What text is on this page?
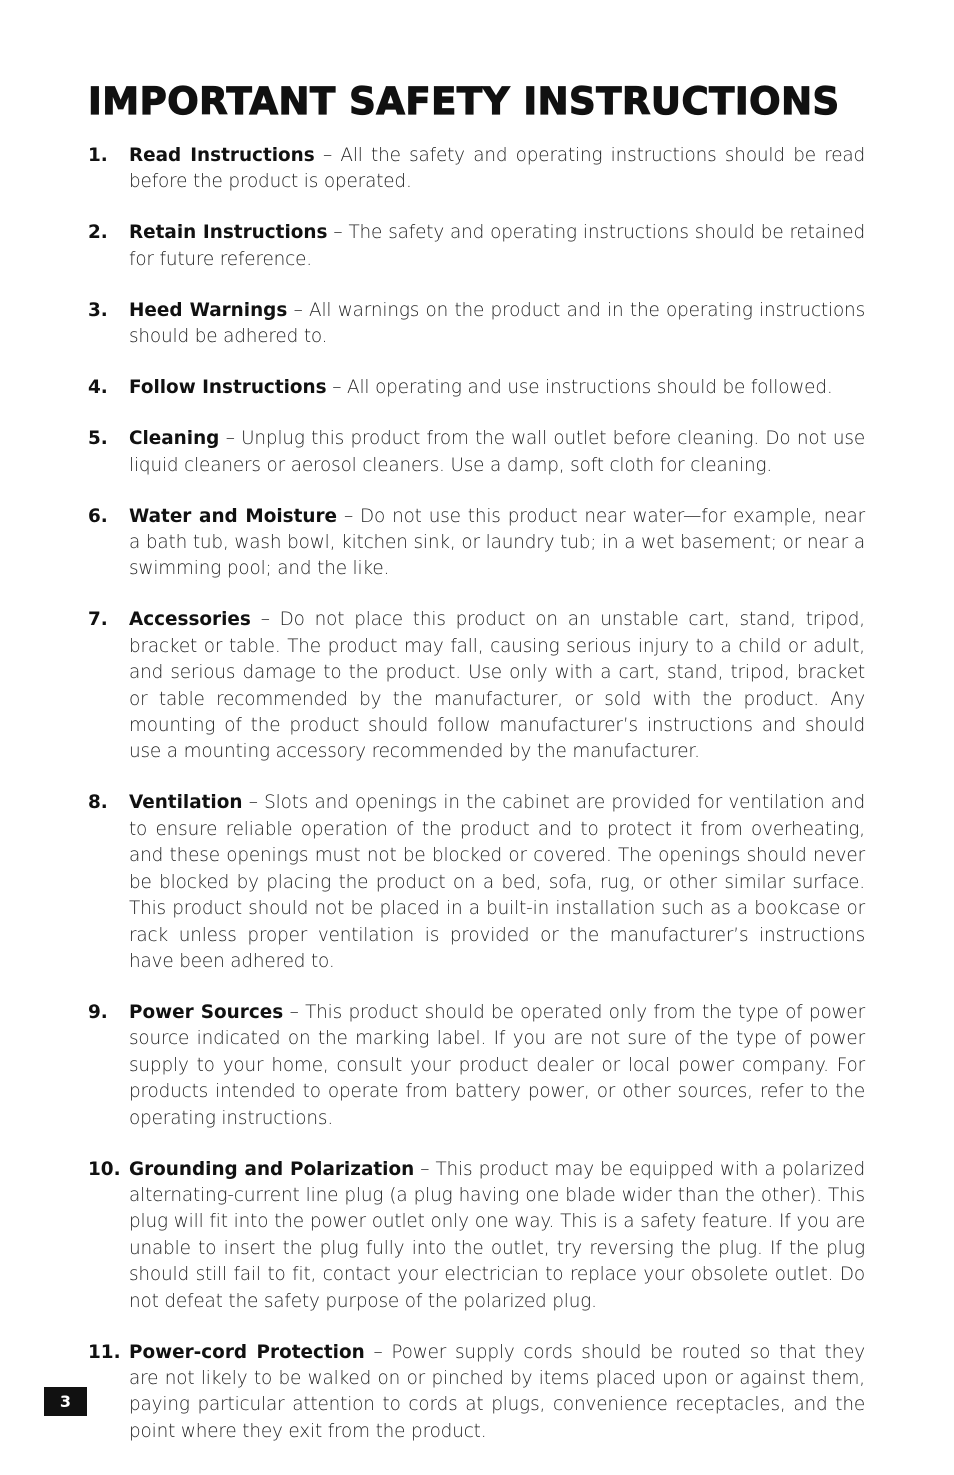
IMPORTANT SAFETY INSTRUCTIONS
1. Read Instructions – All the safety and operating instructions should be read before the product is operated.
2. Retain Instructions – The safety and operating instructions should be retained for future reference.
3. Heed Warnings – All warnings on the product and in the operating instructions should be adhered to.
4. Follow Instructions – All operating and use instructions should be followed.
5. Cleaning – Unplug this product from the wall outlet before cleaning. Do not use liquid cleaners or aerosol cleaners. Use a damp, soft cloth for cleaning.
6. Water and Moisture – Do not use this product near water—for example, near a bath tub, wash bowl, kitchen sink, or laundry tub; in a wet basement; or near a swimming pool; and the like.
7. Accessories – Do not place this product on an unstable cart, stand, tripod, bracket or table. The product may fall, causing serious injury to a child or adult, and serious damage to the product. Use only with a cart, stand, tripod, bracket or table recommended by the manufacturer, or sold with the product. Any mounting of the product should follow manufacturer’s instructions and should use a mounting accessory recommended by the manufacturer.
8. Ventilation – Slots and openings in the cabinet are provided for ventilation and to ensure reliable operation of the product and to protect it from overheating, and these openings must not be blocked or covered. The openings should never be blocked by placing the product on a bed, sofa, rug, or other similar surface. This product should not be placed in a built-in installation such as a bookcase or rack unless proper ventilation is provided or the manufacturer’s instructions have been adhered to.
9. Power Sources – This product should be operated only from the type of power source indicated on the marking label. If you are not sure of the type of power supply to your home, consult your product dealer or local power company. For products intended to operate from battery power, or other sources, refer to the operating instructions.
10. Grounding and Polarization – This product may be equipped with a polarized alternating-current line plug (a plug having one blade wider than the other). This plug will fit into the power outlet only one way. This is a safety feature. If you are unable to insert the plug fully into the outlet, try reversing the plug. If the plug should still fail to fit, contact your electrician to replace your obsolete outlet. Do not defeat the safety purpose of the polarized plug.
11. Power-cord Protection – Power supply cords should be routed so that they are not likely to be walked on or pinched by items placed upon or against them, paying particular attention to cords at plugs, convenience receptacles, and the point where they exit from the product.
3
